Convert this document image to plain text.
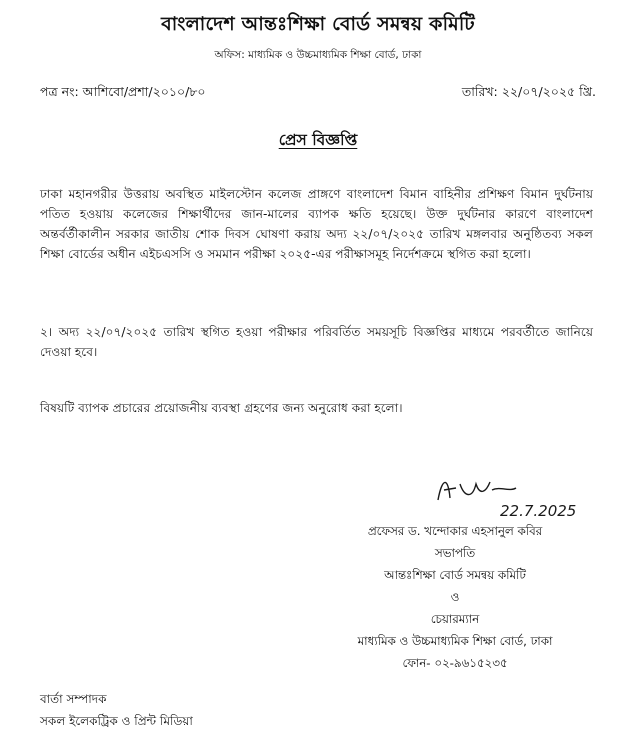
বাংলাদেশ আন্তঃশিক্ষা বোর্ড সমন্বয় কমিটি
অফিস: মাধ্যমিক ও উচ্চমাধ্যমিক শিক্ষা বোর্ড, ঢাকা
পত্র নং: আশিবো/প্রশা/২০১০/৮০	তারিখ: ২২/০৭/২০২৫ খ্রি.
প্রেস বিজ্ঞপ্তি
ঢাকা মহানগরীর উত্তরায় অবস্থিত মাইলস্টোন কলেজ প্রাঙ্গণে বাংলাদেশ বিমান বাহিনীর প্রশিক্ষণ বিমান দুর্ঘটনায় পতিত হওয়ায় কলেজের শিক্ষার্থীদের জান-মালের ব্যাপক ক্ষতি হয়েছে। উক্ত দুর্ঘটনার কারণে বাংলাদেশ অন্তর্বর্তীকালীন সরকার জাতীয় শোক দিবস ঘোষণা করায় অদ্য ২২/০৭/২০২৫ তারিখ মঙ্গলবার অনুষ্ঠিতব্য সকল শিক্ষা বোর্ডের অধীন এইচএসসি ও সমমান পরীক্ষা ২০২৫-এর পরীক্ষাসমূহ নির্দেশক্রমে স্থগিত করা হলো।
২। অদ্য ২২/০৭/২০২৫ তারিখ স্থগিত হওয়া পরীক্ষার পরিবর্তিত সময়সূচি বিজ্ঞপ্তির মাধ্যমে পরবর্তীতে জানিয়ে দেওয়া হবে।
বিষয়টি ব্যাপক প্রচারের প্রয়োজনীয় ব্যবস্থা গ্রহণের জন্য অনুরোধ করা হলো।
22.7.2025
প্রফেসর ড. খন্দোকার এহসানুল কবির
সভাপতি
আন্তঃশিক্ষা বোর্ড সমন্বয় কমিটি
ও
চেয়ারম্যান
মাধ্যমিক ও উচ্চমাধ্যমিক শিক্ষা বোর্ড, ঢাকা
ফোন- ০২-৯৬১৫২৩৫
বার্তা সম্পাদক
সকল ইলেকট্রিক ও প্রিন্ট মিডিয়া
